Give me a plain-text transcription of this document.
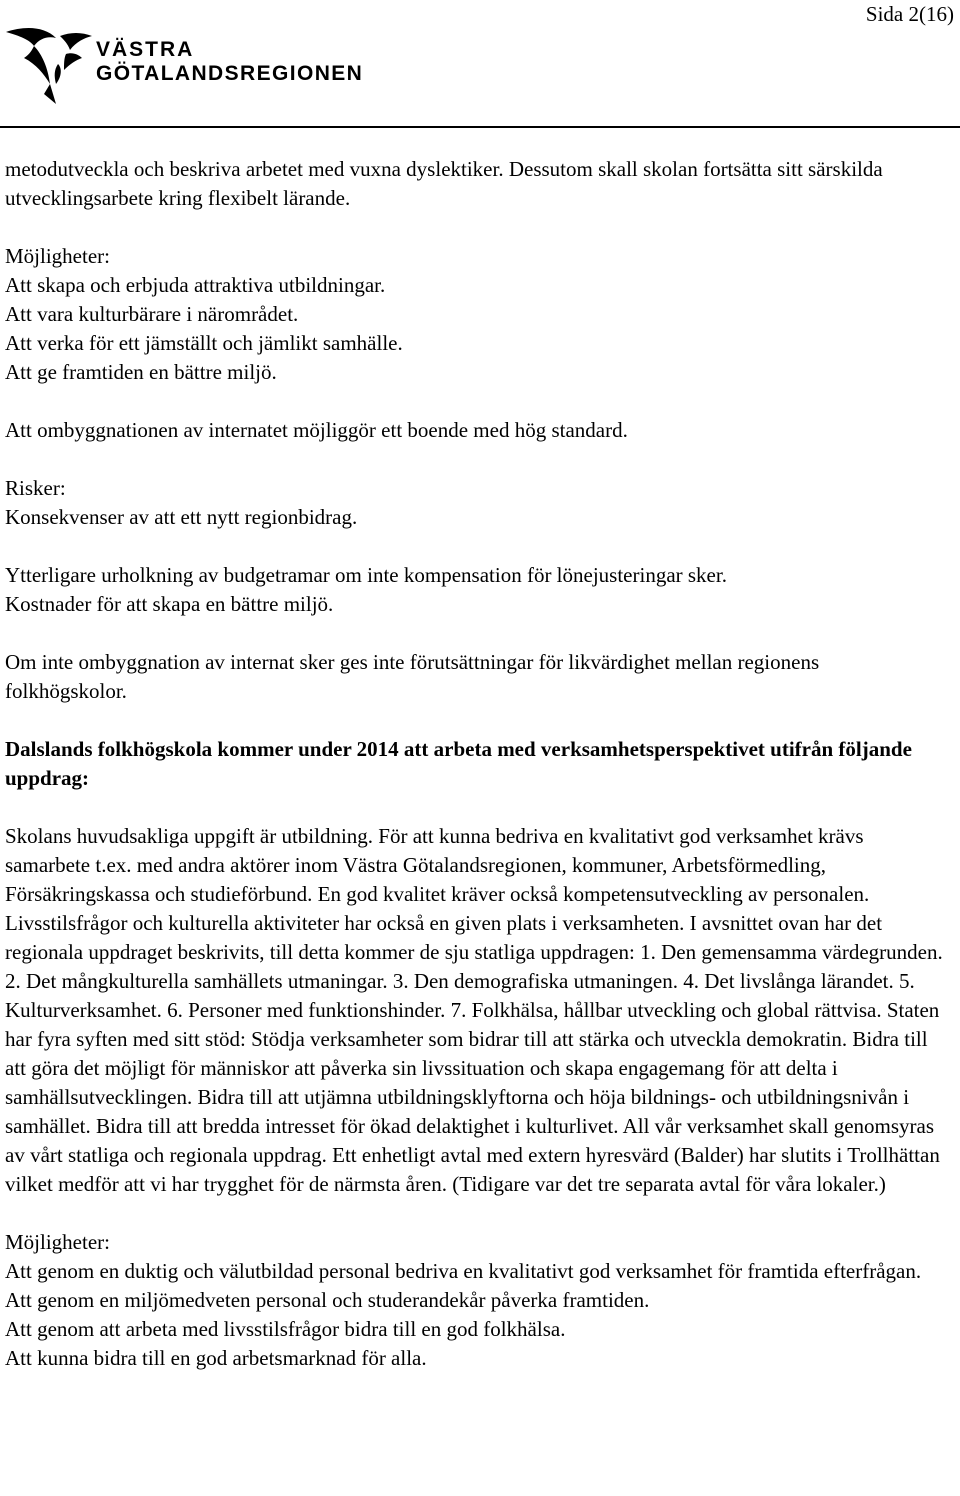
Sida 2(16)
VÄSTRA
GÖTALANDSREGIONEN

metodutveckla och beskriva arbetet med vuxna dyslektiker. Dessutom skall skolan fortsätta sitt särskilda utvecklingsarbete kring flexibelt lärande.

Möjligheter:

Att skapa och erbjuda attraktiva utbildningar.

Att vara kulturbärare i närområdet.

Att verka för ett jämställt och jämlikt samhälle.

Att ge framtiden en bättre miljö.

Att ombyggnationen av internatet möjliggör ett boende med hög standard.

Risker:

Konsekvenser av att ett nytt regionbidrag.

Ytterligare urholkning av budgetramar om inte kompensation för lönejusteringar sker.

Kostnader för att skapa en bättre miljö.

Om inte ombyggnation av internat sker ges inte förutsättningar för likvärdighet mellan regionens folkhögskolor.

Dalslands folkhögskola kommer under 2014 att arbeta med verksamhetsperspektivet utifrån följande uppdrag:

Skolans huvudsakliga uppgift är utbildning. För att kunna bedriva en kvalitativt god verksamhet krävs samarbete t.ex. med andra aktörer inom Västra Götalandsregionen, kommuner, Arbetsförmedling, Försäkringskassa och studieförbund. En god kvalitet kräver också kompetensutveckling av personalen. Livsstilsfrågor och kulturella aktiviteter har också en given plats i verksamheten. I avsnittet ovan har det regionala uppdraget beskrivits, till detta kommer de sju statliga uppdragen: 1. Den gemensamma värdegrunden. 2. Det mångkulturella samhällets utmaningar. 3. Den demografiska utmaningen. 4. Det livslånga lärandet. 5. Kulturverksamhet. 6. Personer med funktionshinder. 7. Folkhälsa, hållbar utveckling och global rättvisa. Staten har fyra syften med sitt stöd: Stödja verksamheter som bidrar till att stärka och utveckla demokratin. Bidra till att göra det möjligt för människor att påverka sin livssituation och skapa engagemang för att delta i samhällsutvecklingen. Bidra till att utjämna utbildningsklyftorna och höja bildnings- och utbildningsnivån i samhället. Bidra till att bredda intresset för ökad delaktighet i kulturlivet. All vår verksamhet skall genomsyras av vårt statliga och regionala uppdrag. Ett enhetligt avtal med extern hyresvärd (Balder) har slutits i Trollhättan vilket medför att vi har trygghet för de närmsta åren. (Tidigare var det tre separata avtal för våra lokaler.)

Möjligheter:

Att genom en duktig och välutbildad personal bedriva en kvalitativt god verksamhet för framtida efterfrågan.

Att genom en miljömedveten personal och studerandekår påverka framtiden.

Att genom att arbeta med livsstilsfrågor bidra till en god folkhälsa.

Att kunna bidra till en god arbetsmarknad för alla.
